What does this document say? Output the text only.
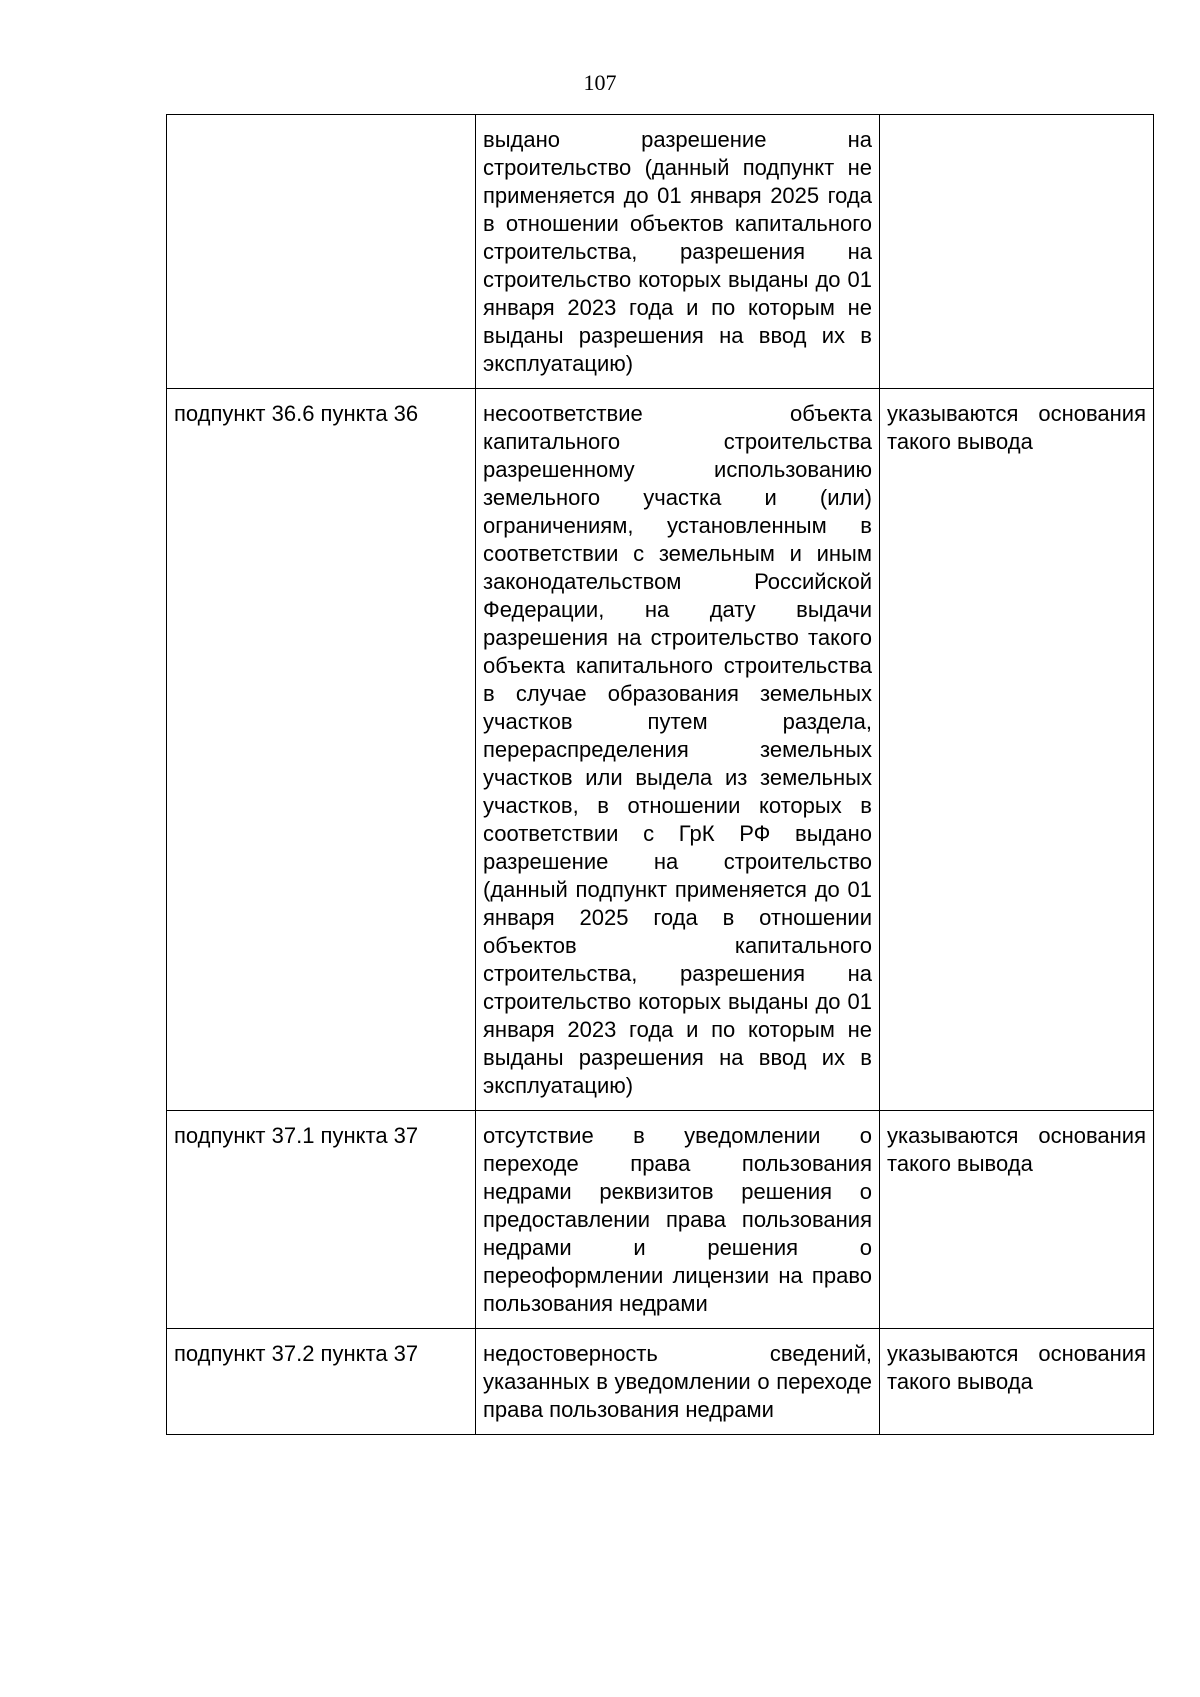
107
	выдано разрешение на строительство (данный подпункт не применяется до 01 января 2025 года в отношении объектов капитального строительства, разрешения на строительство которых выданы до 01 января 2023 года и по которым не выданы разрешения на ввод их в эксплуатацию)	
подпункт 36.6 пункта 36	несоответствие объекта капитального строительства разрешенному использованию земельного участка и (или) ограничениям, установленным в соответствии с земельным и иным законодательством Российской Федерации, на дату выдачи разрешения на строительство такого объекта капитального строительства в случае образования земельных участков путем раздела, перераспределения земельных участков или выдела из земельных участков, в отношении которых в соответствии с ГрК РФ выдано разрешение на строительство (данный подпункт применяется до 01 января 2025 года в отношении объектов капитального строительства, разрешения на строительство которых выданы до 01 января 2023 года и по которым не выданы разрешения на ввод их в эксплуатацию)	указываются основания такого вывода
подпункт 37.1 пункта 37	отсутствие в уведомлении о переходе права пользования недрами реквизитов решения о предоставлении права пользования недрами и решения о переоформлении лицензии на право пользования недрами	указываются основания такого вывода
подпункт 37.2 пункта 37	недостоверность сведений, указанных в уведомлении о переходе права пользования недрами	указываются основания такого вывода
